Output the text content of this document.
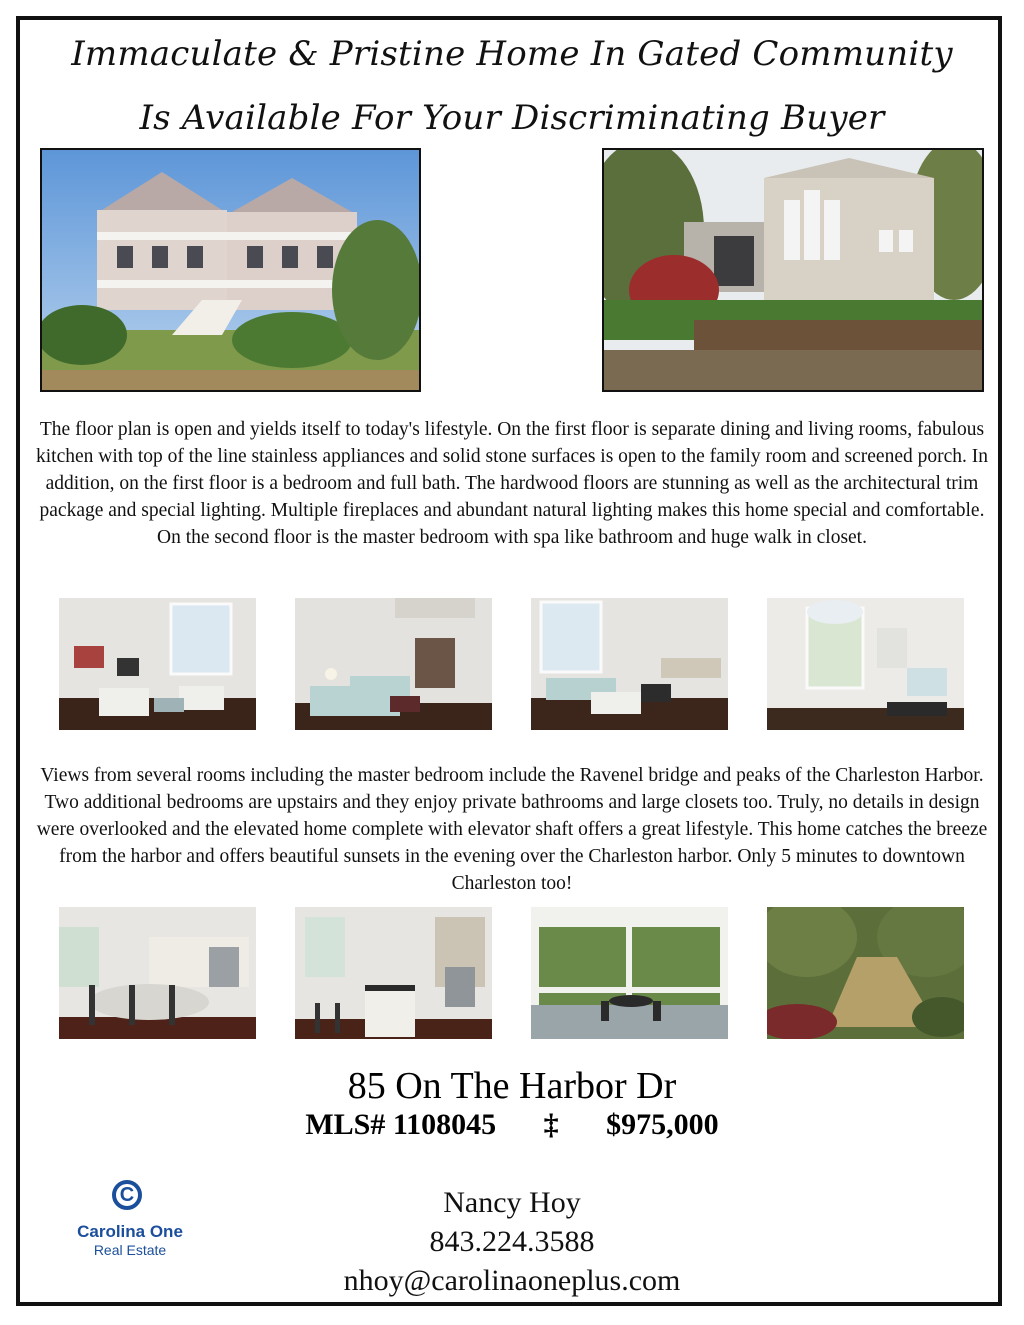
Immaculate & Pristine Home In Gated Community
Is Available For Your Discriminating Buyer
The floor plan is open and yields itself to today's lifestyle. On the first floor is separate dining and living rooms, fabulous kitchen with top of the line stainless appliances and solid stone surfaces is open to the family room and screened porch. In addition, on the first floor is a bedroom and full bath. The hardwood floors are stunning as well as the architectural trim package and special lighting. Multiple fireplaces and abundant natural lighting makes this home special and comfortable. On the second floor is the master bedroom with spa like bathroom and huge walk in closet.
Views from several rooms including the master bedroom include the Ravenel bridge and peaks of the Charleston Harbor. Two additional bedrooms are upstairs and they enjoy private bathrooms and large closets too. Truly, no details in design were overlooked and the elevated home complete with elevator shaft offers a great lifestyle. This home catches the breeze from the harbor and offers beautiful sunsets in the evening over the Charleston harbor. Only 5 minutes to downtown Charleston too!
85 On The Harbor Dr
MLS# 1108045 ‡ $975,000
C
Carolina One
Real Estate
Nancy Hoy
843.224.3588
nhoy@carolinaoneplus.com
